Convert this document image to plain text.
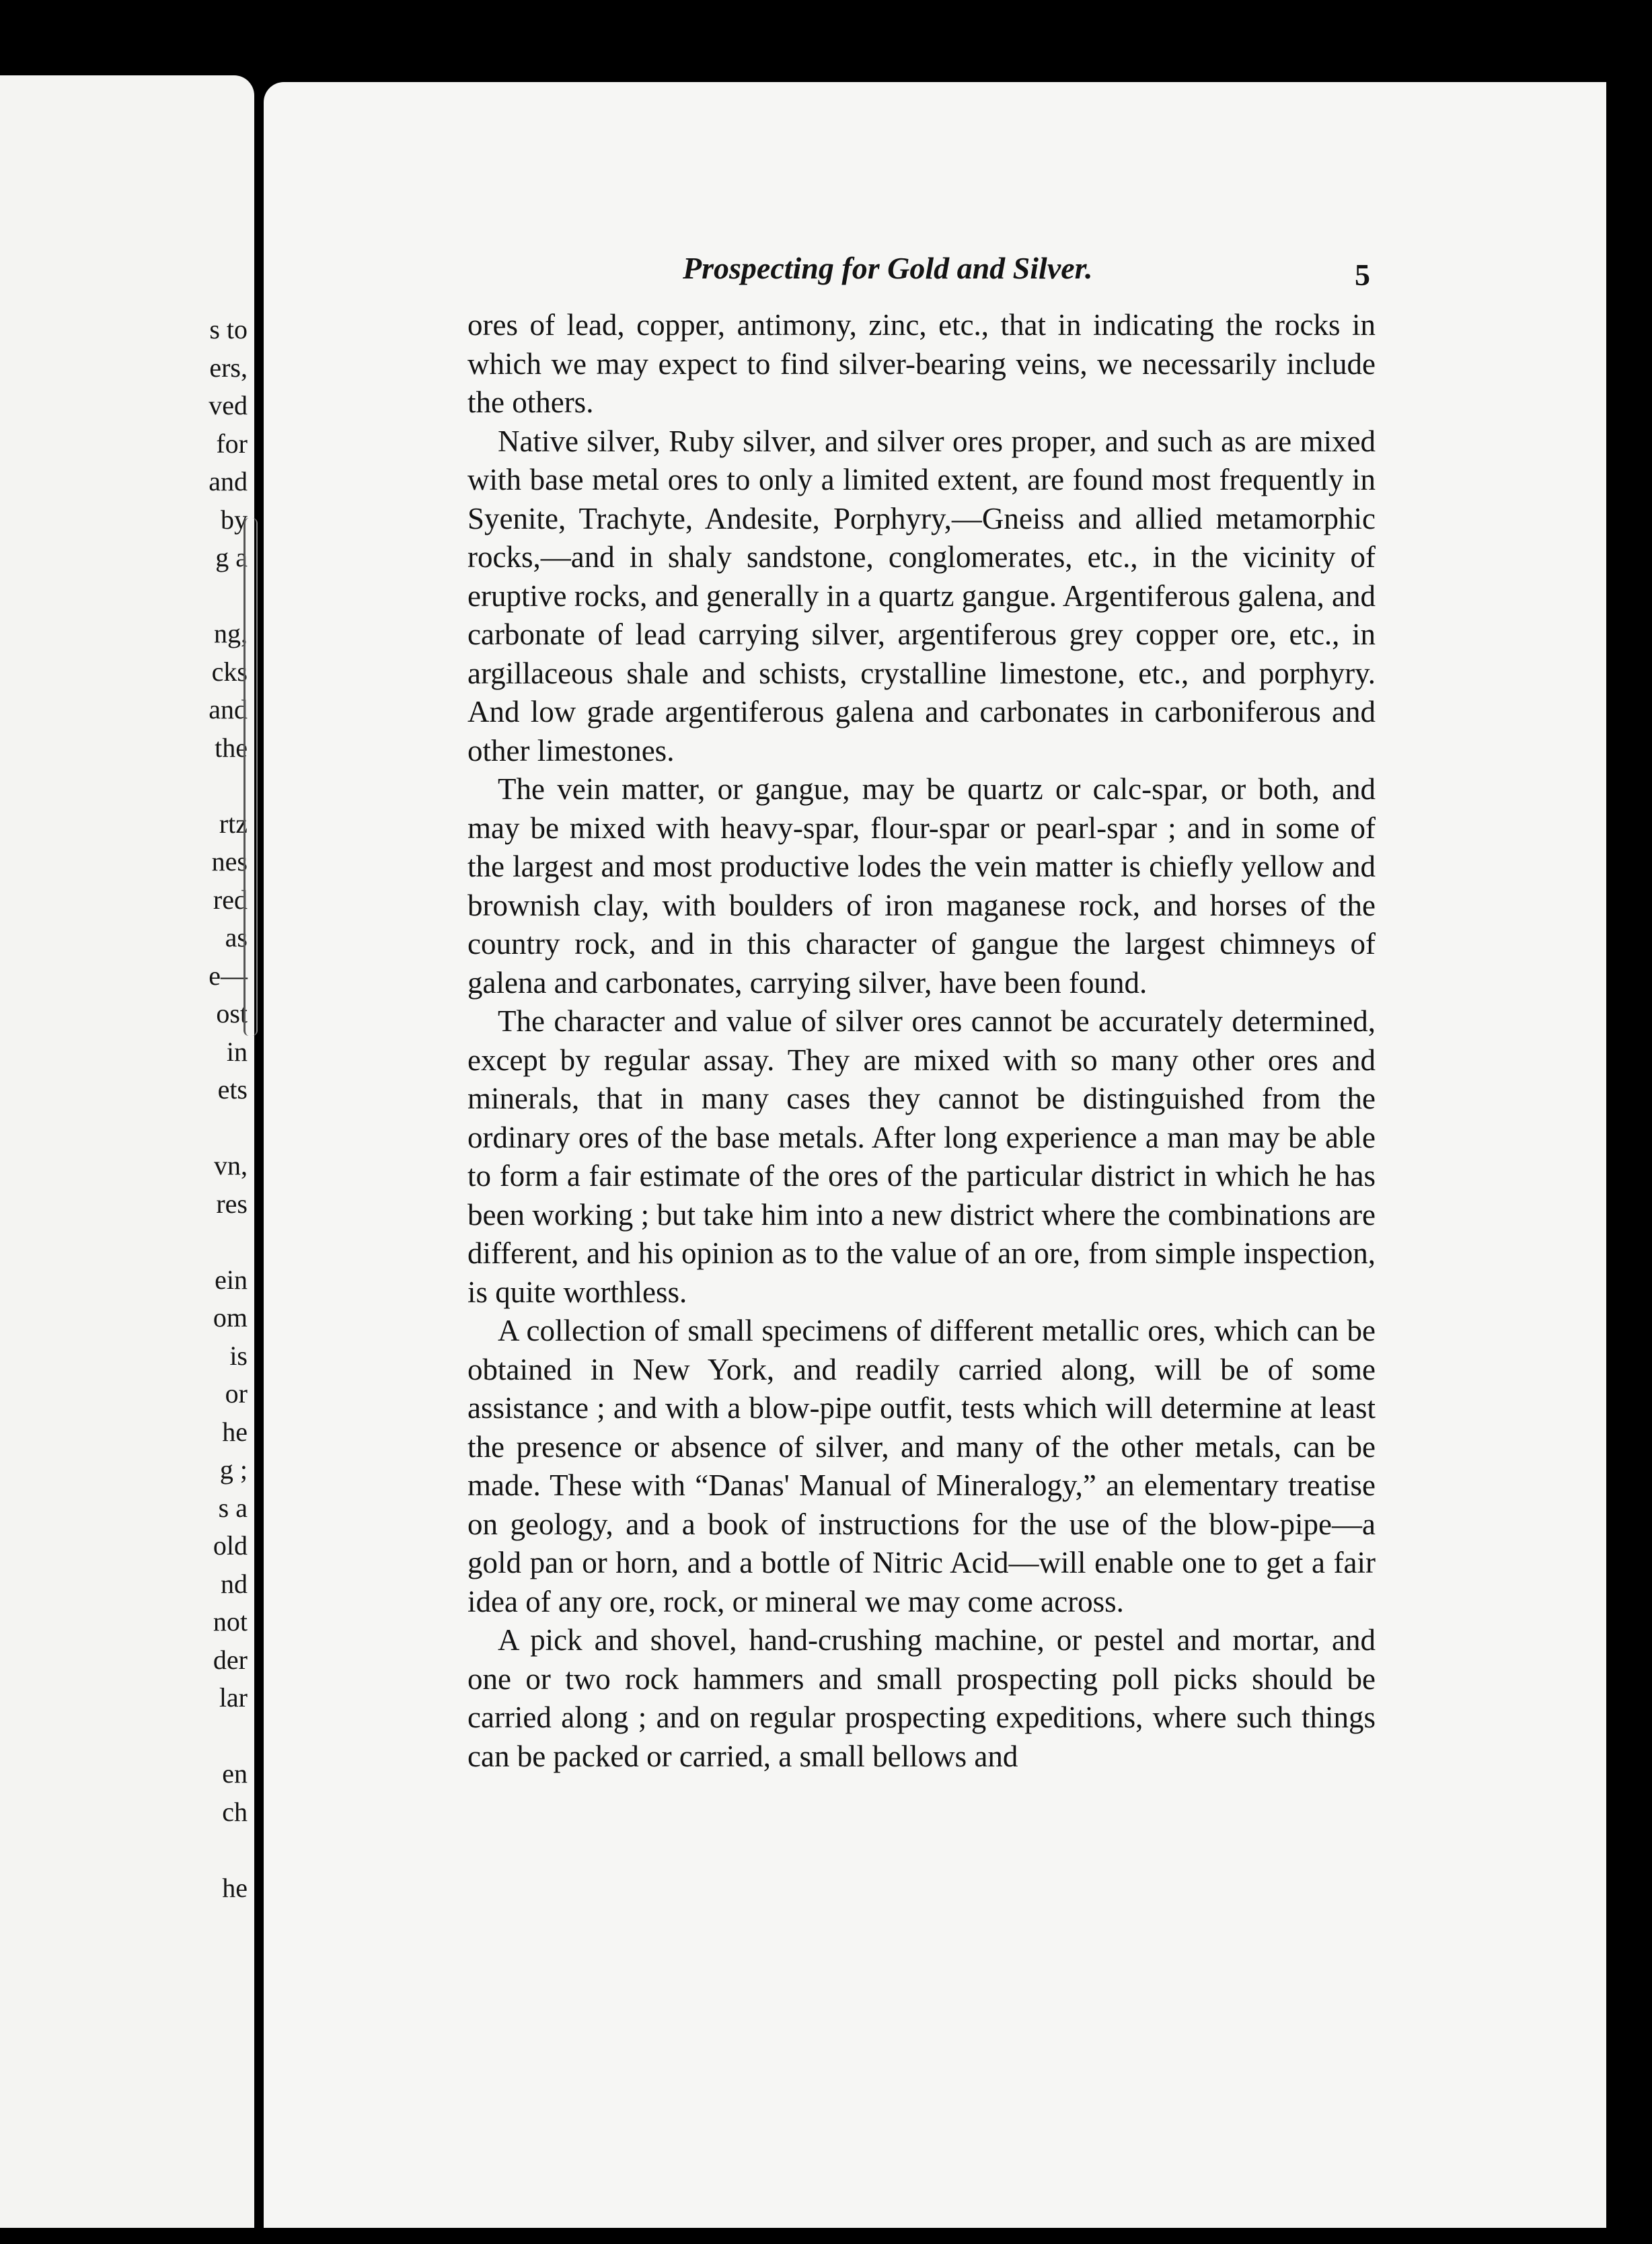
s to

ers,

ved

for

and

by

g a

ng,

cks

and

the

rtz

nes

red

as

e—

ost

in

ets

vn,

res

ein

om

is

or

he

g ;

s a

old

nd

not

der

lar

en

ch

he

Prospecting for Gold and Silver.	5

ores of lead, copper, antimony, zinc, etc., that in indicating the rocks in which we may expect to find silver-bearing veins, we necessarily include the others.

Native silver, Ruby silver, and silver ores proper, and such as are mixed with base metal ores to only a limited extent, are found most frequently in Syenite, Trachyte, Andesite, Porphyry,—Gneiss and allied metamorphic rocks,—and in shaly sandstone, conglomerates, etc., in the vicinity of eruptive rocks, and generally in a quartz gangue. Argentiferous galena, and carbonate of lead carrying silver, argentiferous grey copper ore, etc., in argillaceous shale and schists, crystalline limestone, etc., and porphyry. And low grade argentiferous galena and carbonates in carboniferous and other limestones.

The vein matter, or gangue, may be quartz or calc-spar, or both, and may be mixed with heavy-spar, flour-spar or pearl-spar ; and in some of the largest and most productive lodes the vein matter is chiefly yellow and brownish clay, with boulders of iron maganese rock, and horses of the country rock, and in this character of gangue the largest chimneys of galena and carbonates, carrying silver, have been found.

The character and value of silver ores cannot be accurately determined, except by regular assay. They are mixed with so many other ores and minerals, that in many cases they cannot be distinguished from the ordinary ores of the base metals. After long experience a man may be able to form a fair estimate of the ores of the particular district in which he has been working ; but take him into a new district where the combinations are different, and his opinion as to the value of an ore, from simple inspection, is quite worthless.

A collection of small specimens of different metallic ores, which can be obtained in New York, and readily carried along, will be of some assistance ; and with a blow-pipe outfit, tests which will determine at least the presence or absence of silver, and many of the other metals, can be made. These with “Danas' Manual of Mineralogy,” an elementary treatise on geology, and a book of instructions for the use of the blow-pipe—a gold pan or horn, and a bottle of Nitric Acid—will enable one to get a fair idea of any ore, rock, or mineral we may come across.

A pick and shovel, hand-crushing machine, or pestel and mortar, and one or two rock hammers and small prospecting poll picks should be carried along ; and on regular prospecting expeditions, where such things can be packed or carried, a small bellows and
